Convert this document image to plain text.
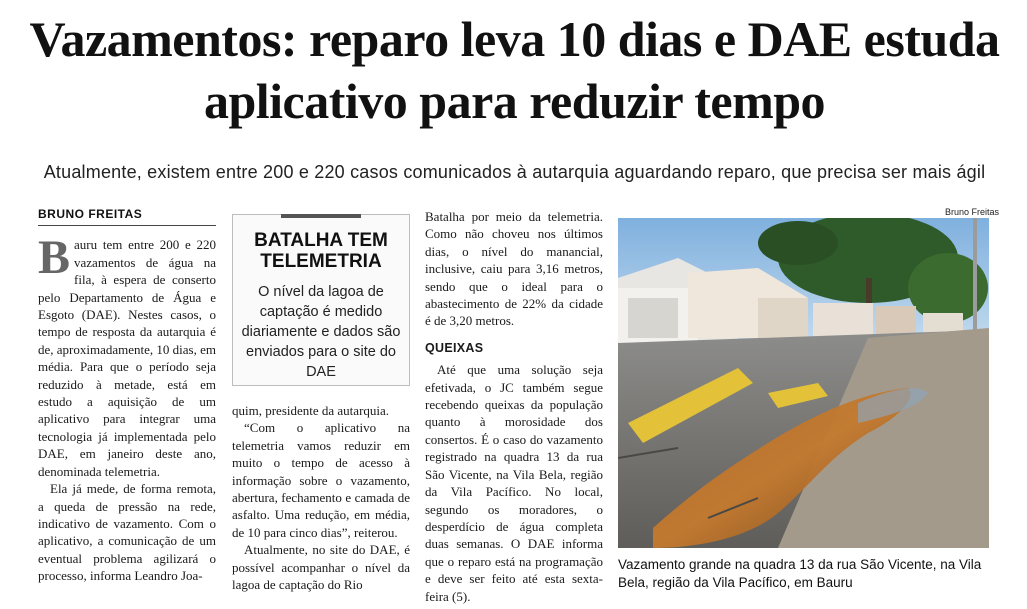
Vazamentos: reparo leva 10 dias e DAE estuda aplicativo para reduzir tempo

Atualmente, existem entre 200 e 220 casos comunicados à autarquia aguardando reparo, que precisa ser mais ágil

BRUNO FREITAS

Bauru tem entre 200 e 220 vazamentos de água na fila, à espera de conserto pelo Departamento de Água e Esgoto (DAE). Nestes casos, o tempo de resposta da autarquia é de, aproximadamente, 10 dias, em média. Para que o período seja reduzido à metade, está em estudo a aquisição de um aplicativo para integrar uma tecnologia já implementada pelo DAE, em janeiro deste ano, denominada telemetria.

Ela já mede, de forma remota, a queda de pressão na rede, indicativo de vazamento. Com o aplicativo, a comunicação de um eventual problema agilizará o processo, informa Leandro Joa-

BATALHA TEM TELEMETRIA
O nível da lagoa de captação é medido diariamente e dados são enviados para o site do DAE

quim, presidente da autarquia.

“Com o aplicativo na telemetria vamos reduzir em muito o tempo de acesso à informação sobre o vazamento, abertura, fechamento e camada de asfalto. Uma redução, em média, de 10 para cinco dias”, reiterou.

Atualmente, no site do DAE, é possível acompanhar o nível da lagoa de captação do Rio

Batalha por meio da telemetria. Como não choveu nos últimos dias, o nível do manancial, inclusive, caiu para 3,16 metros, sendo que o ideal para o abastecimento de 22% da cidade é de 3,20 metros.

QUEIXAS

Até que uma solução seja efetivada, o JC também segue recebendo queixas da população quanto à morosidade dos consertos. É o caso do vazamento registrado na quadra 13 da rua São Vicente, na Vila Bela, região da Vila Pacífico. No local, segundo os moradores, o desperdício de água completa duas semanas. O DAE informa que o reparo está na programação e deve ser feito até esta sexta-feira (5).

Bruno Freitas
Vazamento grande na quadra 13 da rua São Vicente, na Vila Bela, região da Vila Pacífico, em Bauru
